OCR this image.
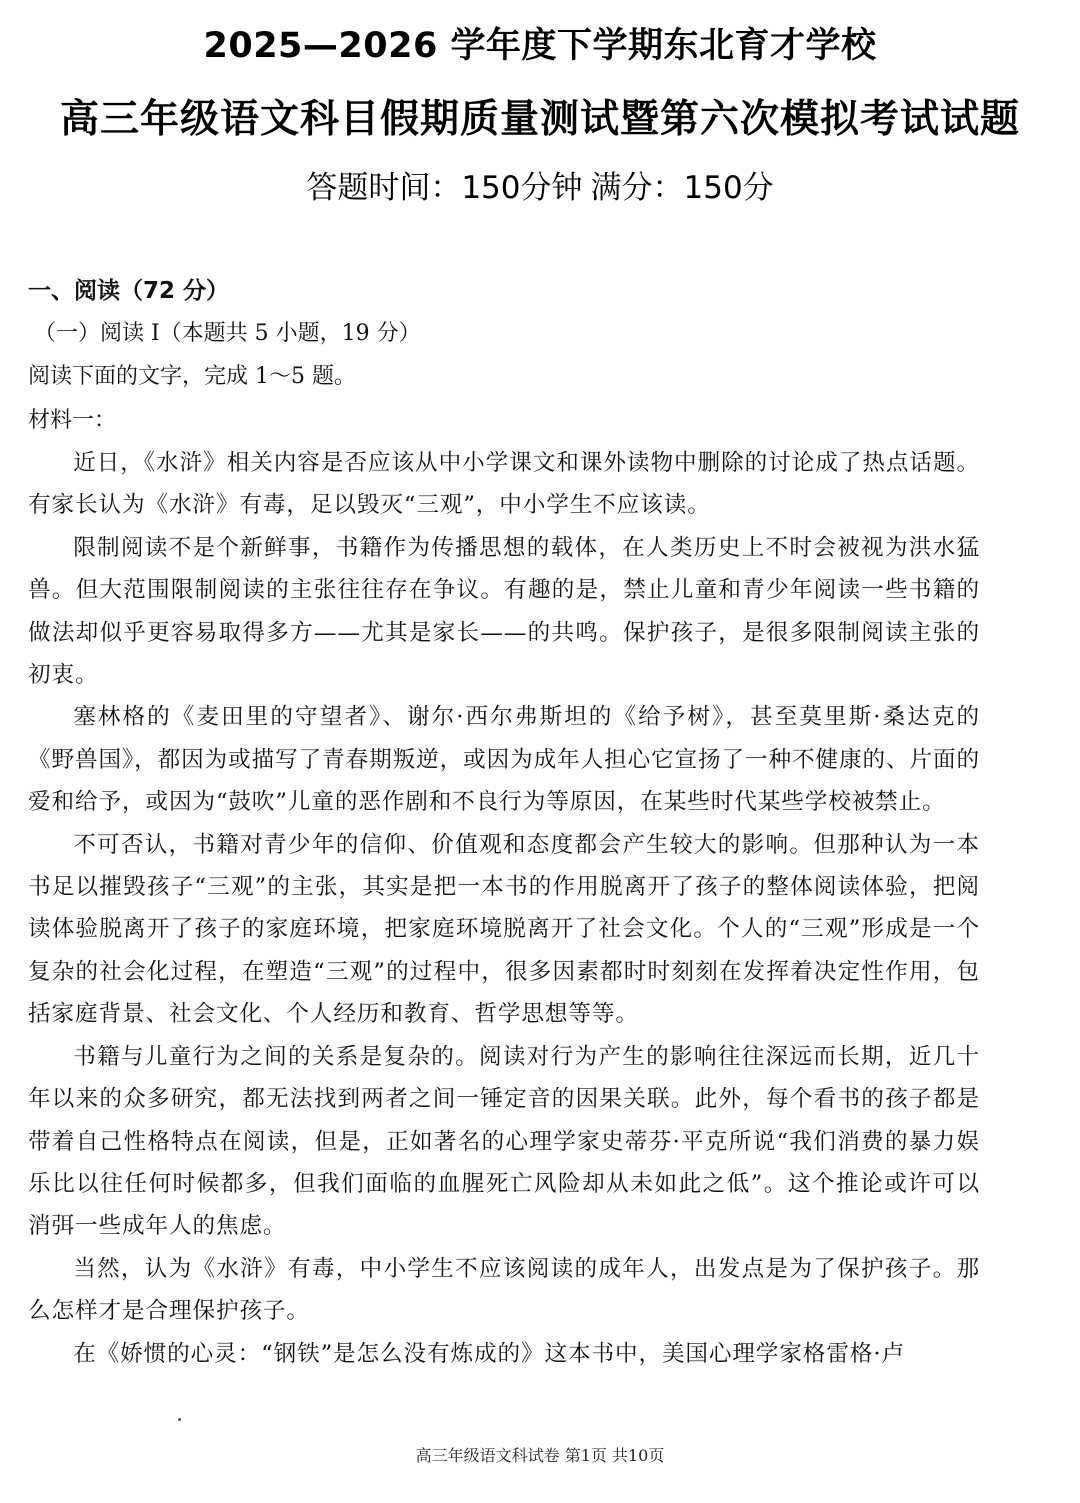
2025—2026 学年度下学期东北育才学校
高三年级语文科目假期质量测试暨第六次模拟考试试题
答题时间：150分钟 满分：150分
一、阅读（72 分）
（一）阅读 I（本题共 5 小题，19 分）
阅读下面的文字，完成 1～5 题。
材料一：

近日，《水浒》相关内容是否应该从中小学课文和课外读物中删除的讨论成了热点话题。有家长认为《水浒》有毒，足以毁灭“三观”，中小学生不应该读。

限制阅读不是个新鲜事，书籍作为传播思想的载体，在人类历史上不时会被视为洪水猛兽。但大范围限制阅读的主张往往存在争议。有趣的是，禁止儿童和青少年阅读一些书籍的做法却似乎更容易取得多方——尤其是家长——的共鸣。保护孩子，是很多限制阅读主张的初衷。

塞林格的《麦田里的守望者》、谢尔·西尔弗斯坦的《给予树》，甚至莫里斯·桑达克的《野兽国》，都因为或描写了青春期叛逆，或因为成年人担心它宣扬了一种不健康的、片面的爱和给予，或因为“鼓吹”儿童的恶作剧和不良行为等原因，在某些时代某些学校被禁止。

不可否认，书籍对青少年的信仰、价值观和态度都会产生较大的影响。但那种认为一本书足以摧毁孩子“三观”的主张，其实是把一本书的作用脱离开了孩子的整体阅读体验，把阅读体验脱离开了孩子的家庭环境，把家庭环境脱离开了社会文化。个人的“三观”形成是一个复杂的社会化过程，在塑造“三观”的过程中，很多因素都时时刻刻在发挥着决定性作用，包括家庭背景、社会文化、个人经历和教育、哲学思想等等。

书籍与儿童行为之间的关系是复杂的。阅读对行为产生的影响往往深远而长期，近几十年以来的众多研究，都无法找到两者之间一锤定音的因果关联。此外，每个看书的孩子都是带着自己性格特点在阅读，但是，正如著名的心理学家史蒂芬·平克所说“我们消费的暴力娱乐比以往任何时候都多，但我们面临的血腥死亡风险却从未如此之低”。这个推论或许可以消弭一些成年人的焦虑。

当然，认为《水浒》有毒，中小学生不应该阅读的成年人，出发点是为了保护孩子。那么怎样才是合理保护孩子。

在《娇惯的心灵：“钢铁”是怎么没有炼成的》这本书中，美国心理学家格雷格·卢

高三年级语文科试卷 第1页 共10页
